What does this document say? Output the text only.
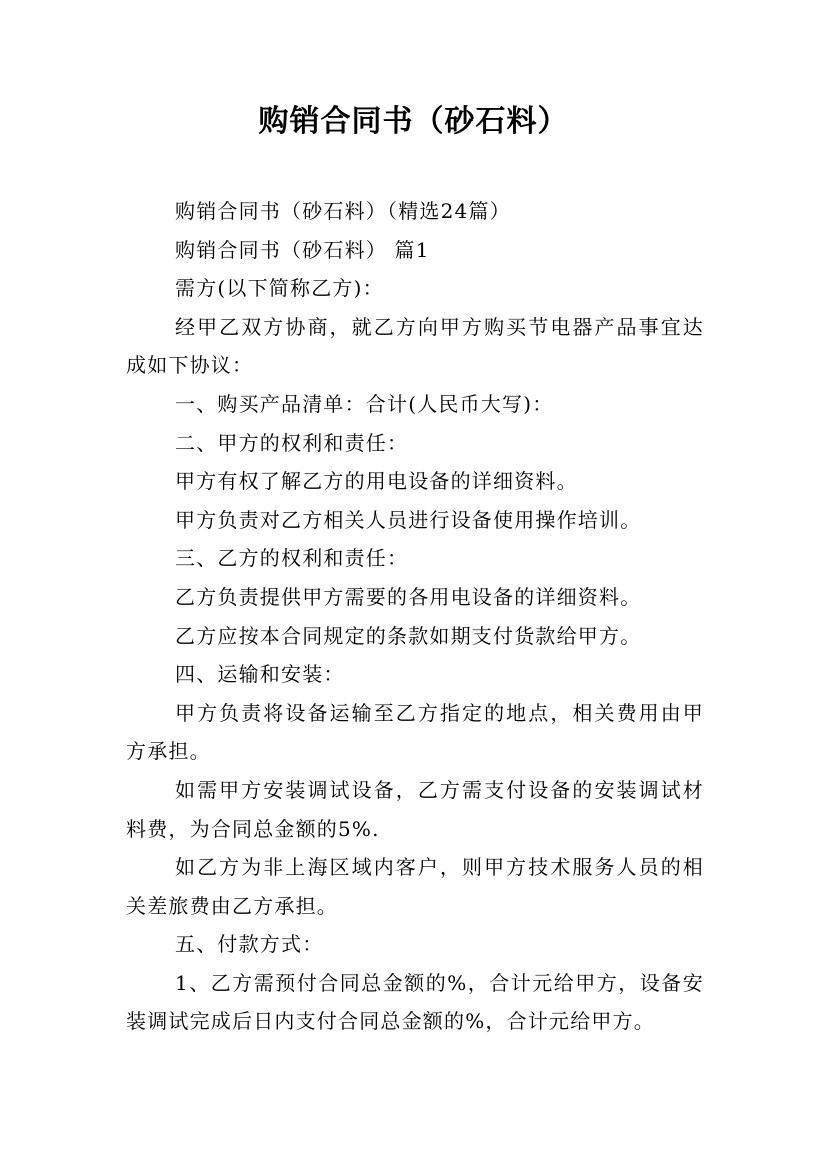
购销合同书（砂石料）

购销合同书（砂石料）（精选24篇）

购销合同书（砂石料） 篇1

需方(以下简称乙方)：

经甲乙双方协商，就乙方向甲方购买节电器产品事宜达成如下协议：

一、购买产品清单：合计(人民币大写)：

二、甲方的权利和责任：

甲方有权了解乙方的用电设备的详细资料。

甲方负责对乙方相关人员进行设备使用操作培训。

三、乙方的权利和责任：

乙方负责提供甲方需要的各用电设备的详细资料。

乙方应按本合同规定的条款如期支付货款给甲方。

四、运输和安装：

甲方负责将设备运输至乙方指定的地点，相关费用由甲方承担。

如需甲方安装调试设备，乙方需支付设备的安装调试材料费，为合同总金额的5%.

如乙方为非上海区域内客户，则甲方技术服务人员的相关差旅费由乙方承担。

五、付款方式：

1、乙方需预付合同总金额的%，合计元给甲方，设备安装调试完成后日内支付合同总金额的%，合计元给甲方。
